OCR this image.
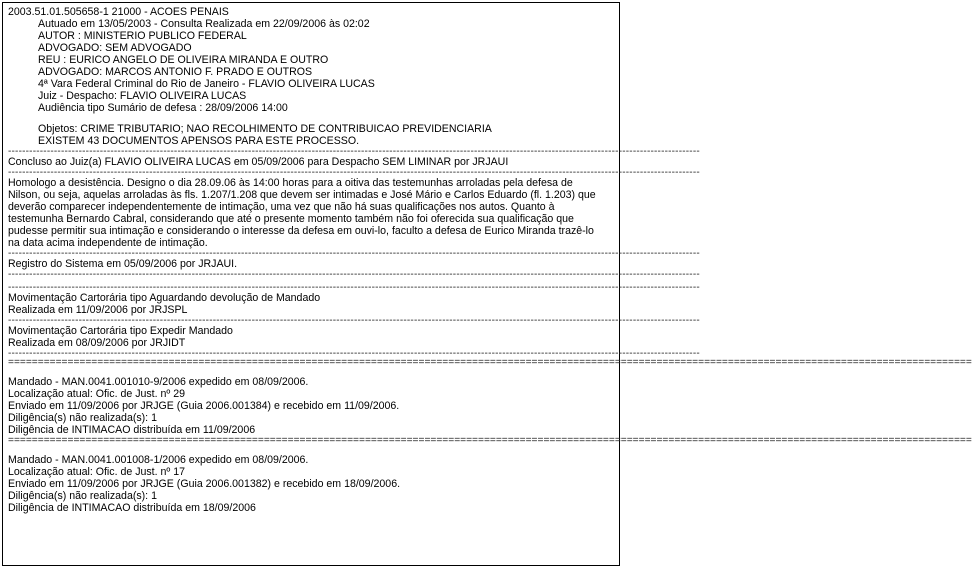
2003.51.01.505658-1 21000 - ACOES PENAIS
Autuado em 13/05/2003 - Consulta Realizada em 22/09/2006 às 02:02
AUTOR : MINISTERIO PUBLICO FEDERAL
ADVOGADO: SEM ADVOGADO
REU : EURICO ANGELO DE OLIVEIRA MIRANDA E OUTRO
ADVOGADO: MARCOS ANTONIO F. PRADO E OUTROS
4ª Vara Federal Criminal do Rio de Janeiro - FLAVIO OLIVEIRA LUCAS
Juiz - Despacho: FLAVIO OLIVEIRA LUCAS
Audiência tipo Sumário de defesa : 28/09/2006 14:00
Objetos: CRIME TRIBUTARIO; NAO RECOLHIMENTO DE CONTRIBUICAO PREVIDENCIARIA
EXISTEM 43 DOCUMENTOS APENSOS PARA ESTE PROCESSO.
----------------------------------------------------------------------------------------------------------------------------------------------------------------------------------------------------
Concluso ao Juiz(a) FLAVIO OLIVEIRA LUCAS em 05/09/2006 para Despacho SEM LIMINAR por JRJAUI
----------------------------------------------------------------------------------------------------------------------------------------------------------------------------------------------------
Homologo a desistência. Designo o dia 28.09.06 às 14:00 horas para a oitiva das testemunhas arroladas pela defesa de Nilson, ou seja, aquelas arroladas às fls. 1.207/1.208 que devem ser intimadas e José Mário e Carlos Eduardo (fl. 1.203) que deverão comparecer independentemente de intimação, uma vez que não há suas qualificações nos autos. Quanto à testemunha Bernardo Cabral, considerando que até o presente momento também não foi oferecida sua qualificação que pudesse permitir sua intimação e considerando o interesse da defesa em ouvi-lo, faculto a defesa de Eurico Miranda trazê-lo na data acima independente de intimação.
----------------------------------------------------------------------------------------------------------------------------------------------------------------------------------------------------
Registro do Sistema em 05/09/2006 por JRJAUI.
----------------------------------------------------------------------------------------------------------------------------------------------------------------------------------------------------
----------------------------------------------------------------------------------------------------------------------------------------------------------------------------------------------------
Movimentação Cartorária tipo Aguardando devolução de Mandado
Realizada em 11/09/2006 por JRJSPL
----------------------------------------------------------------------------------------------------------------------------------------------------------------------------------------------------
Movimentação Cartorária tipo Expedir Mandado
Realizada em 08/09/2006 por JRJIDT
----------------------------------------------------------------------------------------------------------------------------------------------------------------------------------------------------
==================================================================================================================================================================
Mandado - MAN.0041.001010-9/2006 expedido em 08/09/2006.
Localização atual: Ofic. de Just. nº 29
Enviado em 11/09/2006 por JRJGE (Guia 2006.001384) e recebido em 11/09/2006.
Diligência(s) não realizada(s): 1
Diligência de INTIMACAO distribuída em 11/09/2006
==================================================================================================================================================================
Mandado - MAN.0041.001008-1/2006 expedido em 08/09/2006.
Localização atual: Ofic. de Just. nº 17
Enviado em 11/09/2006 por JRJGE (Guia 2006.001382) e recebido em 18/09/2006.
Diligência(s) não realizada(s): 1
Diligência de INTIMACAO distribuída em 18/09/2006
